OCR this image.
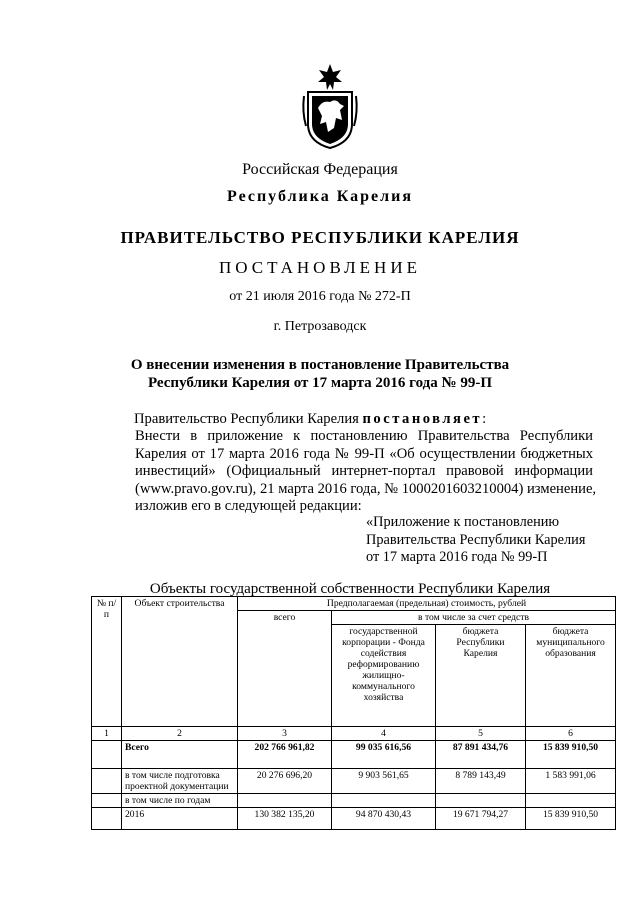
Российская Федерация
Республика Карелия
ПРАВИТЕЛЬСТВО РЕСПУБЛИКИ КАРЕЛИЯ
ПОСТАНОВЛЕНИЕ
от 21 июля 2016 года № 272-П
г. Петрозаводск
О внесении изменения в постановление Правительства
Республики Карелия от 17 марта 2016 года № 99-П
Правительство Республики Карелия постановляет:
Внести в приложение к постановлению Правительства Республики
Карелия от 17 марта 2016 года № 99-П «Об осуществлении бюджетных
инвестиций» (Официальный интернет-портал правовой информации
(www.pravo.gov.ru), 21 марта 2016 года, № 1000201603210004) изменение,
изложив его в следующей редакции:
«Приложение к постановлению
Правительства Республики Карелия
от 17 марта 2016 года № 99-П
Объекты государственной собственности Республики Карелия
№ п/п	Объект строительства	Предполагаемая (предельная) стоимость, рублей			
		всего	в том числе за счет средств		
			государственной корпорации - Фонда содействия реформированию жилищно-коммунального хозяйства	бюджета Республики Карелия	бюджета муниципального образования
1	2	3	4	5	6
	Всего	202 766 961,82	99 035 616,56	87 891 434,76	15 839 910,50
	в том числе подготовка проектной документации	20 276 696,20	9 903 561,65	8 789 143,49	1 583 991,06
	в том числе по годам				
	2016	130 382 135,20	94 870 430,43	19 671 794,27	15 839 910,50
